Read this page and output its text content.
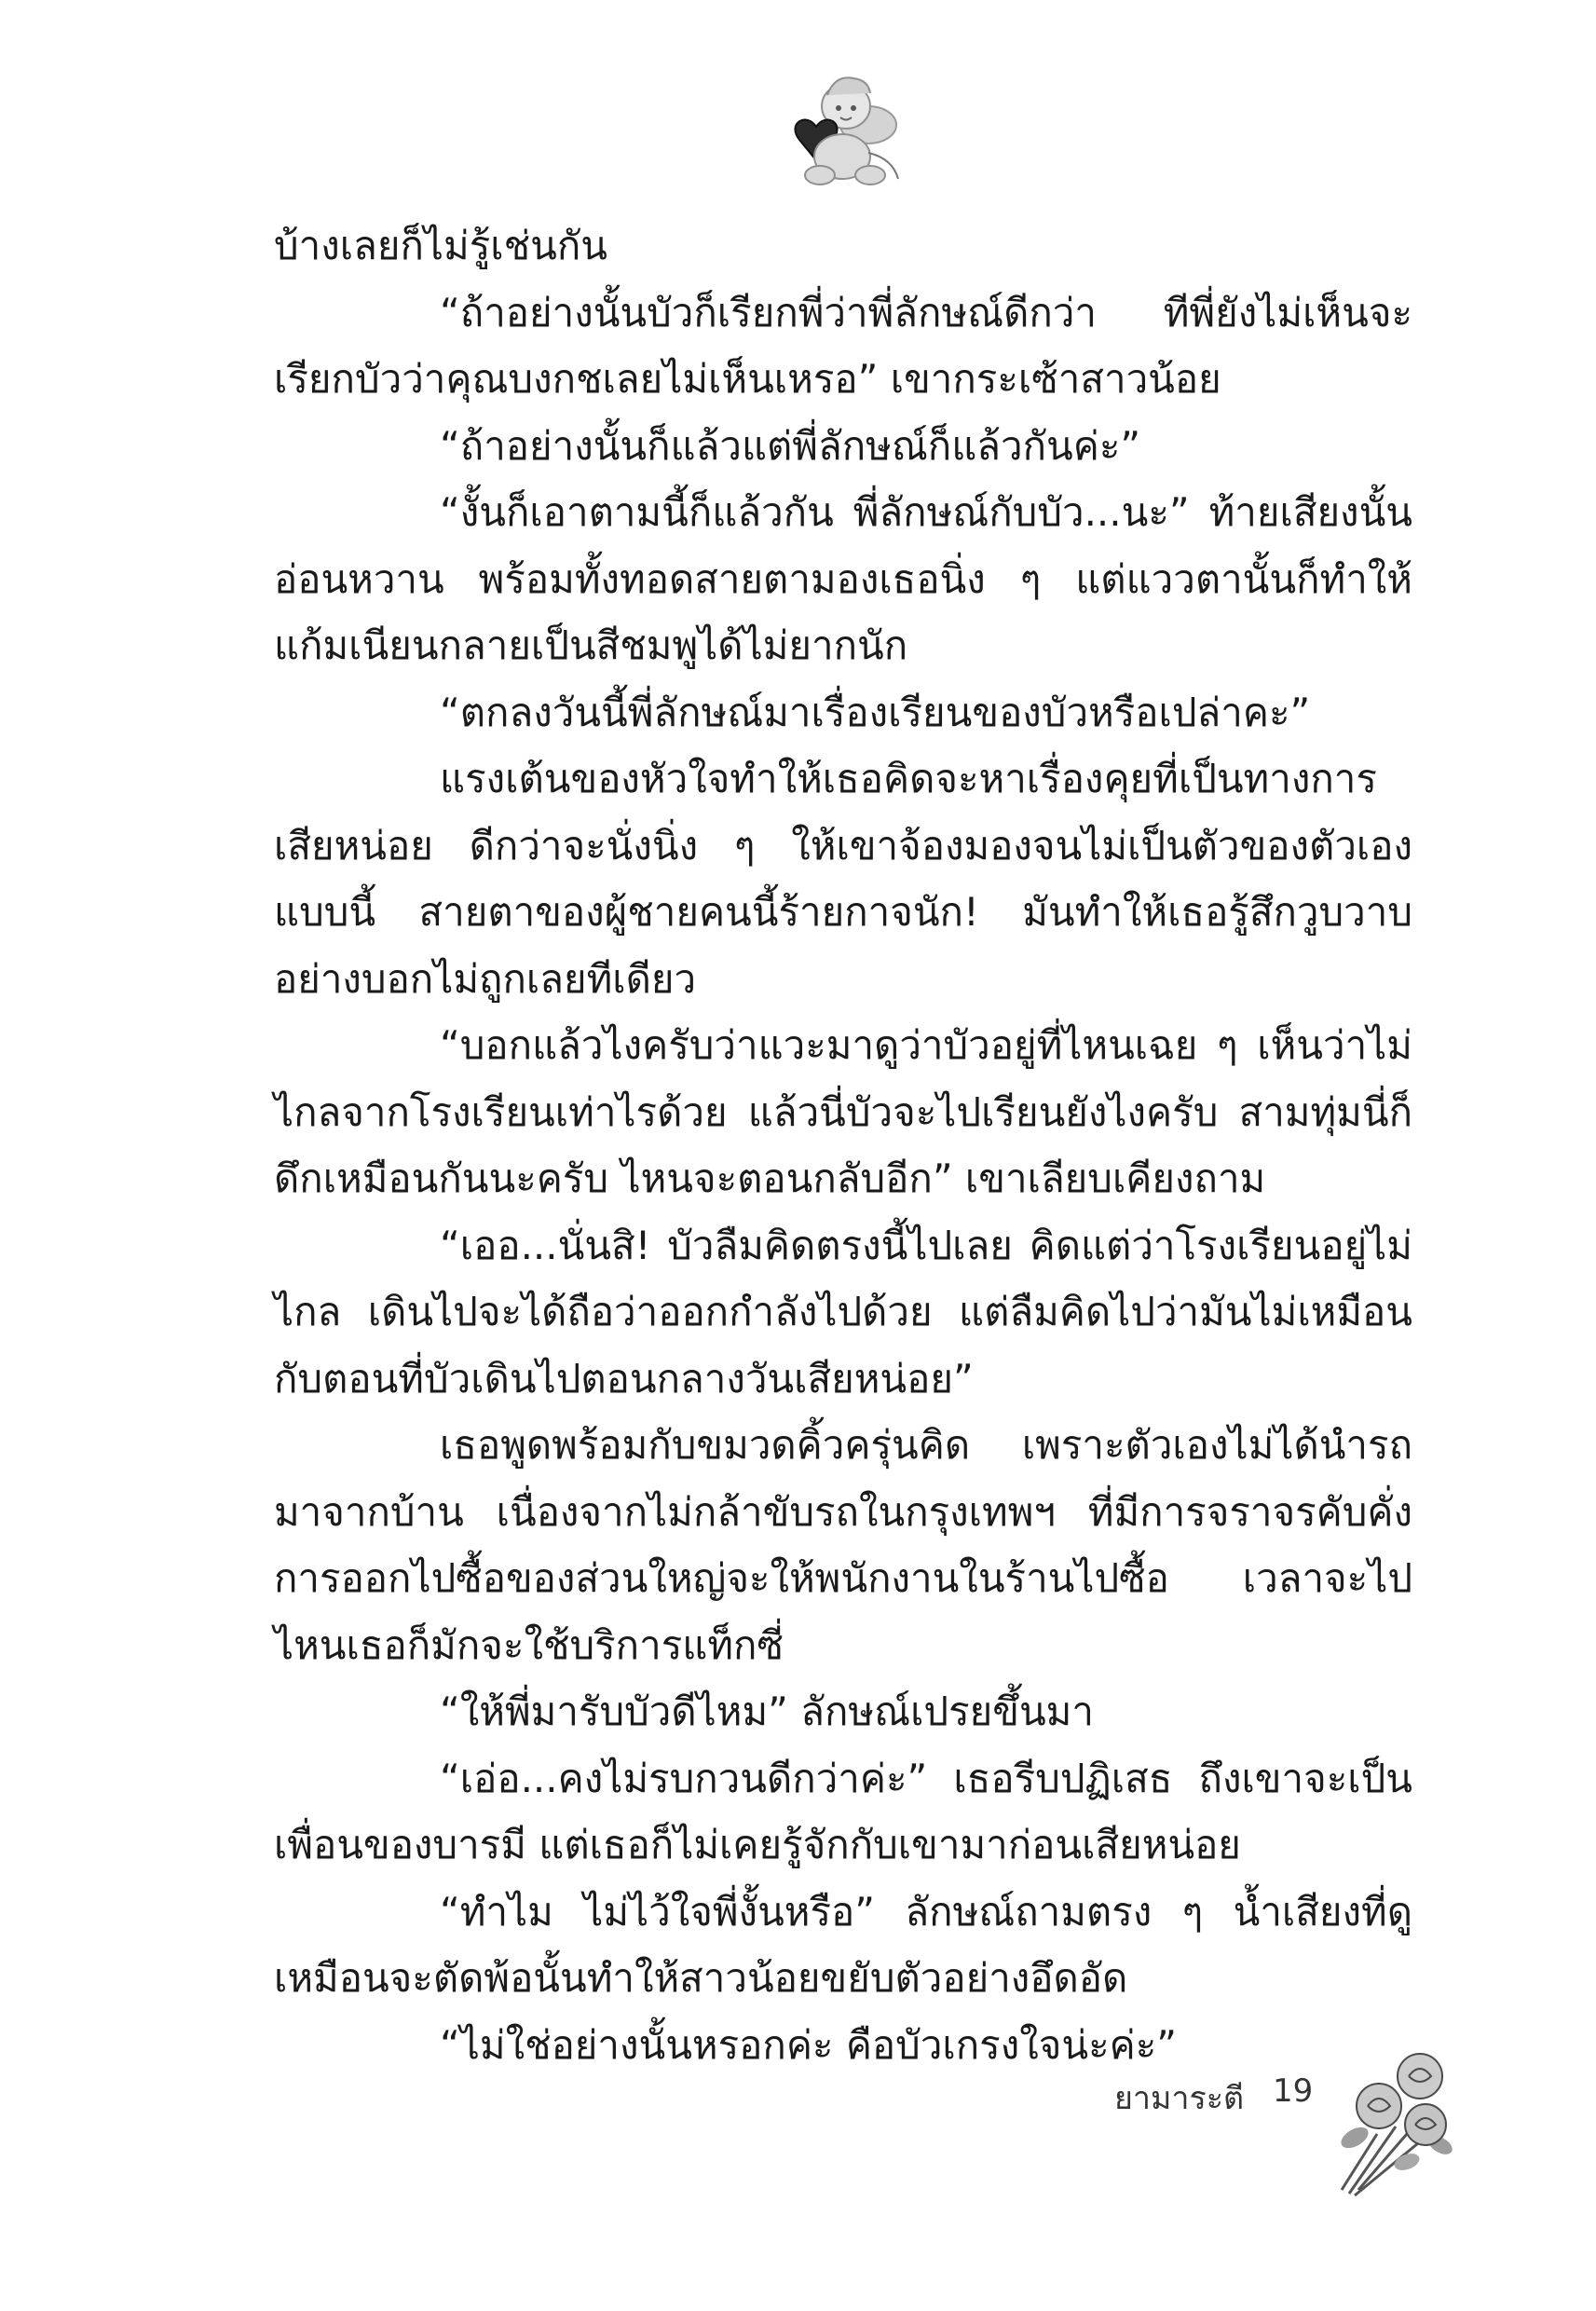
บ้างเลยก็ไม่รู้เช่นกัน

“ถ้าอย่างนั้นบัวก็เรียกพี่ว่าพี่ลักษณ์ดีกว่า ทีพี่ยังไม่เห็นจะเรียกบัวว่าคุณบงกชเลยไม่เห็นเหรอ” เขากระเซ้าสาวน้อย

“ถ้าอย่างนั้นก็แล้วแต่พี่ลักษณ์ก็แล้วกันค่ะ”

“งั้นก็เอาตามนี้ก็แล้วกัน พี่ลักษณ์กับบัว...นะ” ท้ายเสียงนั้นอ่อนหวาน พร้อมทั้งทอดสายตามองเธอนิ่ง ๆ แต่แววตานั้นก็ทำให้แก้มเนียนกลายเป็นสีชมพูได้ไม่ยากนัก

“ตกลงวันนี้พี่ลักษณ์มาเรื่องเรียนของบัวหรือเปล่าคะ”

แรงเต้นของหัวใจทำให้เธอคิดจะหาเรื่องคุยที่เป็นทางการเสียหน่อย ดีกว่าจะนั่งนิ่ง ๆ ให้เขาจ้องมองจนไม่เป็นตัวของตัวเองแบบนี้ สายตาของผู้ชายคนนี้ร้ายกาจนัก! มันทำให้เธอรู้สึกวูบวาบอย่างบอกไม่ถูกเลยทีเดียว

“บอกแล้วไงครับว่าแวะมาดูว่าบัวอยู่ที่ไหนเฉย ๆ เห็นว่าไม่ไกลจากโรงเรียนเท่าไรด้วย แล้วนี่บัวจะไปเรียนยังไงครับ สามทุ่มนี่ก็ดึกเหมือนกันนะครับ ไหนจะตอนกลับอีก” เขาเลียบเคียงถาม

“เออ...นั่นสิ! บัวลืมคิดตรงนี้ไปเลย คิดแต่ว่าโรงเรียนอยู่ไม่ไกล เดินไปจะได้ถือว่าออกกำลังไปด้วย แต่ลืมคิดไปว่ามันไม่เหมือนกับตอนที่บัวเดินไปตอนกลางวันเสียหน่อย”

เธอพูดพร้อมกับขมวดคิ้วครุ่นคิด เพราะตัวเองไม่ได้นำรถมาจากบ้าน เนื่องจากไม่กล้าขับรถในกรุงเทพฯ ที่มีการจราจรคับคั่ง การออกไปซื้อของส่วนใหญ่จะให้พนักงานในร้านไปซื้อ เวลาจะไปไหนเธอก็มักจะใช้บริการแท็กซี่

“ให้พี่มารับบัวดีไหม” ลักษณ์เปรยขึ้นมา

“เอ่อ...คงไม่รบกวนดีกว่าค่ะ” เธอรีบปฏิเสธ ถึงเขาจะเป็นเพื่อนของบารมี แต่เธอก็ไม่เคยรู้จักกับเขามาก่อนเสียหน่อย

“ทำไม ไม่ไว้ใจพี่งั้นหรือ” ลักษณ์ถามตรง ๆ น้ำเสียงที่ดูเหมือนจะตัดพ้อนั้นทำให้สาวน้อยขยับตัวอย่างอึดอัด

“ไม่ใช่อย่างนั้นหรอกค่ะ คือบัวเกรงใจน่ะค่ะ”

ยามาระตี 19
